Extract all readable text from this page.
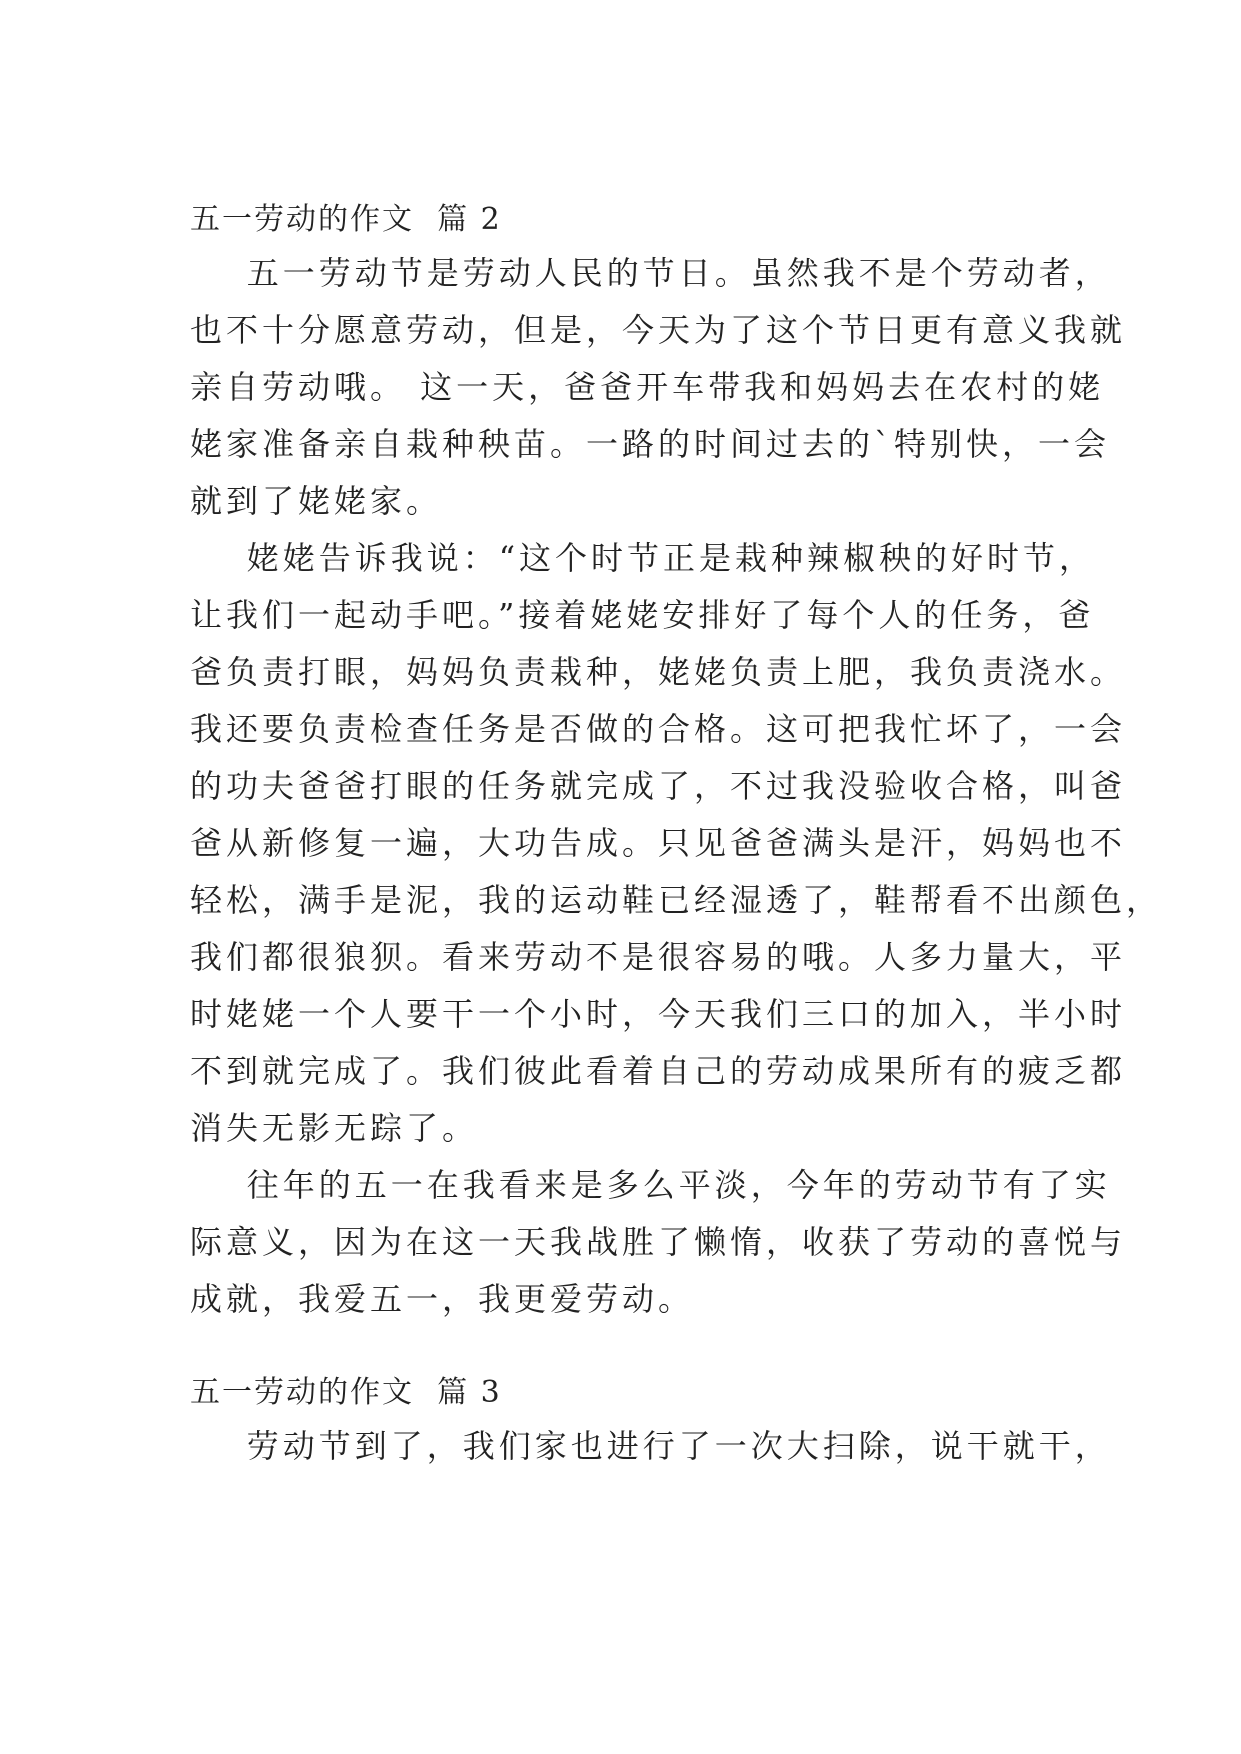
五一劳动的作文  篇 2
五一劳动节是劳动人民的节日。虽然我不是个劳动者，
也不十分愿意劳动，但是，今天为了这个节日更有意义我就
亲自劳动哦。 这一天，爸爸开车带我和妈妈去在农村的姥
姥家准备亲自栽种秧苗。一路的时间过去的`特别快，一会
就到了姥姥家。
姥姥告诉我说：“这个时节正是栽种辣椒秧的好时节，
让我们一起动手吧。”接着姥姥安排好了每个人的任务，爸
爸负责打眼，妈妈负责栽种，姥姥负责上肥，我负责浇水。
我还要负责检查任务是否做的合格。这可把我忙坏了，一会
的功夫爸爸打眼的任务就完成了，不过我没验收合格，叫爸
爸从新修复一遍，大功告成。只见爸爸满头是汗，妈妈也不
轻松，满手是泥，我的运动鞋已经湿透了，鞋帮看不出颜色，
我们都很狼狈。看来劳动不是很容易的哦。人多力量大，平
时姥姥一个人要干一个小时，今天我们三口的加入，半小时
不到就完成了。我们彼此看着自己的劳动成果所有的疲乏都
消失无影无踪了。
往年的五一在我看来是多么平淡，今年的劳动节有了实
际意义，因为在这一天我战胜了懒惰，收获了劳动的喜悦与
成就，我爱五一，我更爱劳动。
五一劳动的作文  篇 3
劳动节到了，我们家也进行了一次大扫除，说干就干，
